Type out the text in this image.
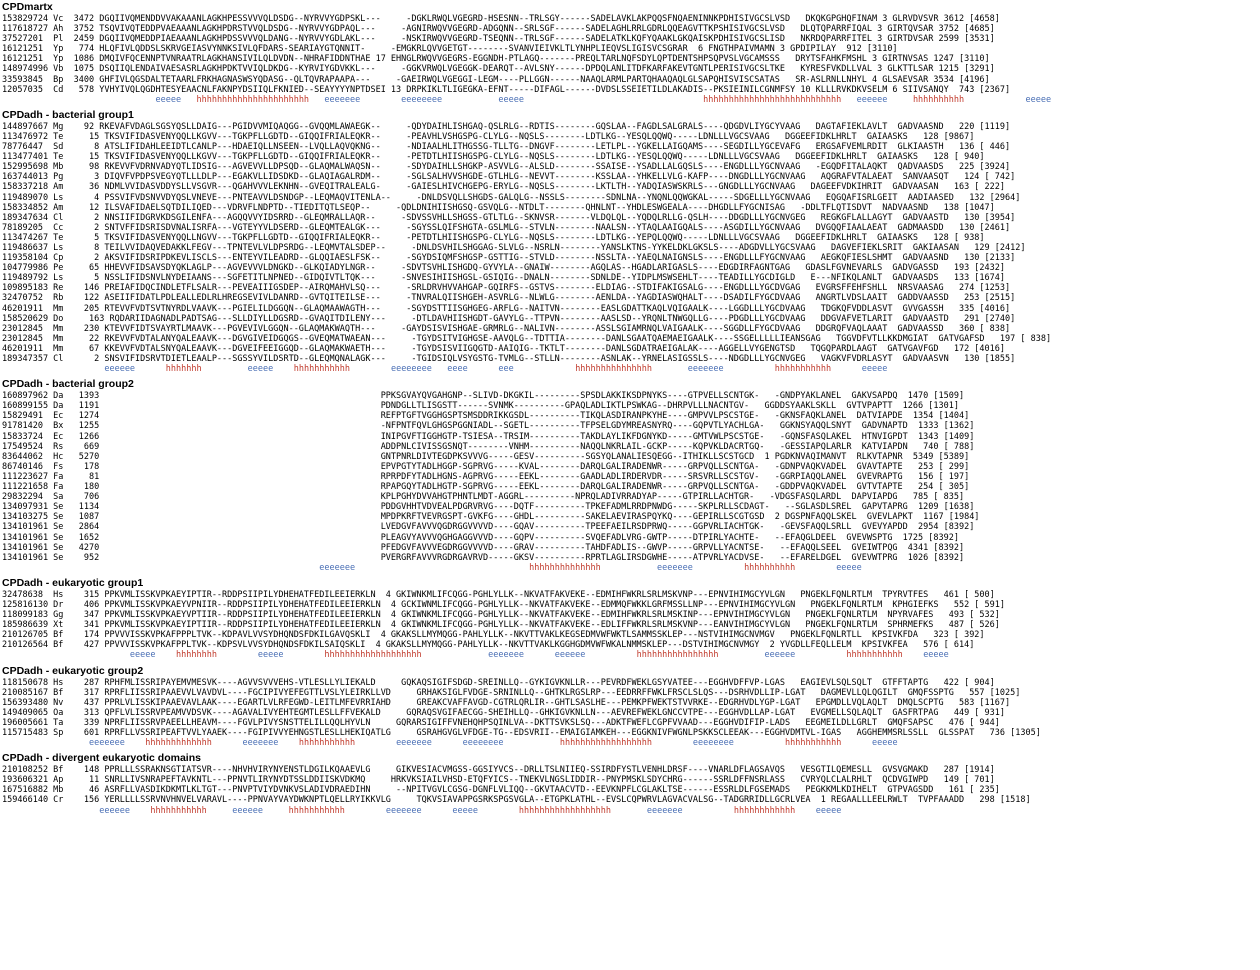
CPDmartx
153829724 Vc  3472 DGQIIVQMENDDVVAKAAANLAGKHPESSVVVQLDSDG--NYRVVYGDPSKL---     -DGKLRWQLVGEGRD-HSESNN--TRLSGY------SADELAVKLAKPQQSFNQAENINNKPDHISIVGCSLVSD   DKQKGPGHQFINAM 3 GLRVDVSVR 3612 [4658]
117618727 Ah  3752 TSQVIVQTEDDPVAEAAANLAGKHPDRSTVVQLDSDG--NYRVVYGDPAQL---     -AGNIRWQVVGEGRD-ADGQNN--SRLSGF------SADELAGHLRRLGDRLQQEAGVTTKPSHISIVGCSLVSD   DLQTQPARRFIQAL 3 GIRTQVSAR 3752 [4685]
37527201  Pl  2459 DGQIIVQMEDDPIAEAAANLAGKHPDSSVVVQLDANG--NYRVVYGDLAKL---     -NSKIRWQVVGEGRD-TSEQNN--TRLSGF------SADELATKLKQFYQAAKLGKQAISKPDHISIVGCSLISD   NKRDQPARRFITEL 3 GIRTDVSAR 2599 [3531]
16121251  Yp   774 HLQFIVLQDDSLSKRVGEIASVYNNKSIVLQFDARS-SEARIAYGTQNNIT-     -EMGKRLQVVGETGT--------SVANVIEIVKLTLYNHPLIEQVSLIGISVCSGRAR  6 FNGTHPAIVMAMN 3 GPDIPILAY  912 [3110]
16121251  Yp  1086 DMQIVFQCENNPTVNRAATRLAGKHANSIVILQLDVDN--NHRAFIDDNTHAE 17 EHNGLRWQVVGEGRS-EGGNDH-PTLAGQ-------PREQLTARLNQFSDYLQPTDENTSHPSQPVSLVGCAMSSS   DRYTSFAHKFMSHL 3 GIRTNVSAS 1247 [3110]
148974996 Vb  1075 DSQIIQLENDAIVAESASRLAGKHPDKTVVIQLDKDG--KYRVIYGDVKKL---     -GGKVRWQLVGEGGK-DEARQT--AVLSNY------DPDQLANLITDFKARFAKEVTGNTLPERISIVGCSLTKE   KYRESFVKDLLVAL 3 GLKTTLSAR 1215 [3291]
33593845  Bp  3400 GHFIVLQGSDALTETAARLFRKHAGNASWSYQDASG--QLTQVRAPAAPA---     -GAEIRWQLVGEGGI-LEGM----PLLGGN------NAAQLARMLPARTQHAAQAQLGLSAPQHISVISCSATAS   SR-ASLRNLLNHYL 4 GLSAEVSAR 3534 [4196]
12057035  Cd   578 YVHYIVQLQGDHTESYEAACNLFAKNPYDSIIQLFKNIED--SEAYYYYNPTDSEI 13 DRPKIKLTLIGEGKA-EFNT-----DIFAGL------DVDSLSSEIETILDLAKADIS--PKSIEINILCGNMFSY 10 KLLLRVKDKVSELM 6 SIIVSANQY  743 [2367]
eeeee   hhhhhhhhhhhhhhhhhhhhhh   eeeeeee        eeeeeeee           eeeee                                   hhhhhhhhhhhhhhhhhhhhhhhhhhh   eeeeee     hhhhhhhhhh            eeeee
CPDadh - bacterial group1
144897667 Mg    92 RKEVAFVDAGLSGSYQSLLDAIG---PGIDVVMIQAQGG--GVQQMLAWAEGK--     -QDYDAIHLISHGAQ-QSLRLG--RDTIS--------GQSLAA--FAGDLSALGRALS----QDGDVLIYGCYVAAG   DAGTAFIEKLAVLT  GADVAASND   220 [1119]
113476972 Te     15 TKSVIFIDASVENYQQLLKGVV---TGKPFLLGDTD--GIQQIFRIALEQKR--     -PEAVHLVSHGSPG-CLYLG--NQSLS--------LDTLKG--YESQLQQWQ-----LDNLLLVGCSVAAG   DGGEEFIDKLHRLT  GAIAASKS   128 [9867]
78776447  Sd      8 ATSLIFIDAHLEEIDTLCANLP---HDAEIQLLNSEEN--LVQLLAQVQKNG--     -NDIAALHLITHGSSG-TLLTG--DNGVF--------LETLPL--YGKELLAIGQAMS----SEGDILLYGCEVAFG   ERGSAFVEMLRDIT  GLKIAASTH   136 [ 446]
113477401 Te     15 TKSVIFIDASVENYQQLLKGVV---TGKPFLLGDTD--GIQQIFRIALEQKR--     -PETDTLHIISHGSPG-CLYLG--NQSLS--------LDTLKG--YESQLQQWQ-----LDNLLLVGCSVAAG   DGGEEFIDKLHRLT  GAIAASKS   128 [ 940]
152995698 Mb     98 RKEVVFVDRNVADYQTLIDSIG---AGVEVVLLDPSQD--GLAQMALWAQSN--     -SDYDAIHLLSHGKP-ASVVLG--ALSLD--------SSAISE--YSADLLALGQSLS----ENGDLLLYGCNVAAG   -EGQDFITALAQKT  QADVAASDS   225 [3924]
163744013 Pg      3 DIQVFVPDPSVEGYQTLLLDLP---EGAKVLLIDSDKD--GLAQIAGALRDM--     -SGLSALHVVSHGDE-GTLHLG--NEVVT--------KSSLAA--YHKELLVLG-KAFP----DNGDLLLYGCNVAAG   AQGRAFVTALAEAT  SANVAASQT   124 [ 742]
158337218 Am     36 NDMLVVIDASVDDYSLLVSGVR---QGAHVVVLEKNHN--GVEQITRALEALG-     -GAIESLHIVCHGEPG-ERYLG--NQSLS--------LKTLTH--YADQIASWSKRLS---GNGDLLLYGCNVAAG   DAGEEFVDKIHRIT  GADVAASAN   163 [ 222]
119489070 Ls      4 PSSVIFVDSNVVDYQSLVNEVE---PNTEAVVLDSNDGP--LEQMAQVITENLA--     -DNLDSVQLLSHGDS-GALQLG--NSSLS--------SDNLNA--YNQNLQQWGKAL-----SDGELLLYGCNVAAG   EQGQAFISRLGEIT  AADIAASED   132 [2964]
158334852 Am     12 ILSVAFIDAELSQTDILIQED---VDRVFLNDPTD--TIEDITQTLSEQP--     -QDLDNIHIISHGSQ-GSVQLG--NTDLT--------QHNLNT--YHDLESWGEALA----DHGDLLFYGCNISAG   -DDLTFLQTISDVT  NADVAASND   138 [1047]
189347634 Cl      2 NNSIIFIDGRVKDSGILENFA---AGQQVVYIDSRRD--GLEQMRALLAQR--     -SDVSSVHLLSHGSS-GTLTLG--SKNVSR-------VLDQLQL--YQDQLRLLG-QSLH----DDGDLLLYGCNVGEG   REGKGFLALLAGYT  GADVAASTD   130 [3954]
78189205  Cc      2 SNTVFFIDSRISDVNALISRFA---VGTEYYVLDSERD--GLEQMTEALGK---     -SGYSSLQIFSHGTA-GSLMLG--STVLN--------NAALSN--YTAQLAAIGQALS----ASGDILLYGCNVAAG   DVGQQFIAALAEAT  GADMAASDD   130 [2461]
113474267 Te      5 TKSVIFIDASVENYQQLLNGVV---TGKPFLLGDTD--GIQQIFRIALEQKR--     -PETDTLHIISHGSPG-CLYLG--NQSLS--------LDTLKG--YEPQLQQWQ-----LDNLLLVGCSVAAG   DGGEEFIDKLHRLT  GAIAASKS   128 [ 938]
119486637 Ls      8 TEILVVIDAQVEDAKKLFEGV---TPNTEVLVLDPSRDG--LEQMVTALSDEP--     -DNLDSVHILSHGGAG-SLVLG--NSRLN--------YANSLKTNS-YYKELDKLGKSLS----ADGDVLLYGCSVAAG   DAGVEFIEKLSRIT  GAKIAASAN   129 [2412]
119358104 Cp      2 AKSVIFIDSRIPDKEVLISCLS---ENTEYVILEADRD--GLQQIAESLFSK--     -SGYDSIQMFSHGSP-GSTTIG--STVLD--------NSSLTA--YAEQLNAIGNSLS----ENGDLLLFYGCNVAAG   AEGKQFIESLSHMT  GADVAASND   130 [2133]
104779986 Pe     65 HHEVVFIDSAVSDYQKLAGLP---AGVEVVVLDNGKD--GLKQIADYLNGR--     -SDVTSVHLISHGDQ-GYVYLA--GNAIW--------AGQLAS--HGADLARIGASLS----EDGDIRFAGNTGAG   GDASLFGVNEVARLS  GADVGASSD   193 [2432]
119489792 Ls      5 NSSLIFIDSNVLNYDEIAANS---SGFETITLNPNED--GIDQIVTLTQK---     -SNVESIHIISHGSL-GSIQIG--DNALN--------SDNLDE--YIDPLMSWSEHLT----TEADILLYGCDIGLD   E---NFIKQLANLT  GADVAASDS   133 [1674]
109895183 Re    146 PREIAFIDQCINDLETFLSALR---PEVEAIIIGSDEP--AIRQMAHVLSQ---     -SRLDRVHVVAHGAP-GQIRFS--GSTVS--------ELDIAG--STDIFAKIGSALG----ENGDLLLYGCDVGAG   EVGRSFFEHFSHLL  NRSVAASAG   274 [1253]
32470752  Rb    122 ASEIIFIDATLPDLEALLEDLRLHREGSEVIVLDANRD--GVTQITEILSE---     -TNVRALQIISHGEH-ASVRLG--NLWLG--------AENLDA--YAGDIASWQHALT----DSADILFYGCDVAAG   ANGRTLVDSLAAIT  GADDVAASSD   253 [2515]
46201911  Mm    205 RTEVVFVDTSVTNYRDLVAAVK---PGIELILDGGQN--GLAQMAAWAGTH---     -SGYDSTTIISGHGEG-ARFLG--NAITVN--------EASLGDATTKAQLVQIGAALK----LGGDLLLYGCDVAAG   TDGKQFVDDLASVT  GVVGASSH   335 [4016]
158520629 Do     163 RQDARIIDAGNADLPADTSAG---SLLDIYLLDGSRD--GVAQITDILENY---     -DTLDAVHIISHGDT-GAVYLG--TTPVN--------AASLSD--YRQNLTNWGQLLG----PDGDLLLYGCDVAAG   DDGVAFVETLARIT  GADVAASTD   291 [2740]
23012845  Mm    230 KTEVVFIDTSVAYRTLMAAVK---PGVEVIVLGGQN--GLAQMAKWAQTH---     -GAYDSISVISHGAE-GRMRLG--NALIVN--------ASSLSGIAMRNQLVAIGAALK----SGGDLLFYGCDVAAG   DDGRQFVAQLAAAT  GADVAASSD   360 [ 838]
23012845  Mm     22 RKEVVFVDTALANYQALEAAVK---DGVGIVEIDGQGS--GVEQMATWAEAN---     -TGYDSITVIGHGSE-AAVQLG--TDTTIA--------DANLSGAATQAEMAEIGAALK----SSGELLLLLIEANSGAG   TGGVDFVTLLKKDMGIAT  GATVGAFSD   197 [ 838]
46201911  Mm     67 KKEVVFVDTALSNYQALEAAVK---DGVEIFEEIGGQD--GLAQMAKWAETH---     -TGYDSISVIIGQGTD-AAIQIG--TKTLT--------DANLSGDATRAEIGALAK----AGGELLVYGENGTSD   TQGQPARDLAAGT  GATVGAVFGD   172 [4016]
189347357 Cl      2 SNSVIFIDSRVTDIETLEAALP---SGSSYVILDSRTD--GLEQMQNALAGK---     -TGIDSIQLVSYGSTG-TVMLG--STLLN--------ASNLAK--YRNELASIGSSLS----NDGDLLLYGCNVGEG   VAGKVFVDRLASYT  GADVAASVN   130 [1855]
eeeeee      hhhhhhh         eeeee    hhhhhhhhhhh        eeeeeeee   eeee      eee            hhhhhhhhhhhhhhh       eeeeeee          hhhhhhhhhhh      eeeee
CPDadh - bacterial group2
160897962 Da   1393                                                       PPKSGVAYQVGAHGNP--SLIVD-DKGKIL---------SPSDLAKKIKSDPNYKS----GTPVELLSCNTGK-   -GNDPYAKLANEL  GAKVSAPDQ  1470 [1509]
160899155 Da   1191                                                       PDNDGLLTLISGSTT------SVNMK----------GPAQLADLIKTLPSWKAG--DHRPVLLLNACNTGV-   GGDDSYAAKLSKLL  GVTVPAPTT  1266 [1301]
15829491  Ec   1274                                                       REFPTGFTVGGHGSPTSMSDDRIKKGSDL----------TIKQLASDIRANPKYHE----GMPVVLPSCSTGE-   -GKNSFAQKLANEL  DATVIAPDE  1354 [1404]
91781420  Bx   1255                                                       -NFPNTFQVLGHGSPGGNIADL--SGETL----------TFPSELGDYMREASNYRQ----GQPVTLYACHLGA-   GGKNSYAQQLSNYT  GADVNAPTD  1333 [1362]
15833724  Ec   1266                                                       INIPGVFTIGGHGTP-TSIESA--TRSIM----------TAKDLAYLIKFDGNYKD-----GMTVWLPSCSTGE-   -GQNSFASQLAKEL  HTNVIGPDT  1343 [1409]
17549524  Rs    669                                                       ADDPNLCIVISSGSNQT--------VNHM----------NAQQLNKRLAIL-GCKP-----KQPVKLDACRTGQ-   -GESSIAPQLARLR  KATVIAPDN   740 [ 788]
83644062  Hc   5270                                                       GNTPNRLDIVTEGDPKSVVVG-----GESV----------SGSYQLANALIESQEGG--ITHIKLLSCSTGCD  1 PGDKNVAQIMANVT  RLKVTAPNR  5349 [5389]
86740146  Fs    178                                                       EPVPGTYTADLHGGP-SGPRVG-----KVAL--------DARQLGALIRADENWR-----GRPVQLLSCNTGA-   -GDNPVAQKVADEL  GVAVTAPTE   253 [ 299]
111223627 Fa     81                                                       RPRPDFYTADLHGNS-AGPRVG-----EEKL--------GAADLADLIRDERVDR-----SRSVRLLSCSTGV-   -GGRPIAQQLANEL  GVEVRAPTG   156 [ 197]
111221658 Fa    180                                                       RPAPGQYTADLHGTP-SGPRVG-----EEKL--------DARQLGALIRADENWR-----GRPVQLLSCNTGA-   -GDDPVAQKVADEL  GVTVTAPTE   254 [ 305]
29832294  Sa    706                                                       KPLPGHYDVVAHGTPHNTLMDT-AGGRL----------NPRQLADIVRRADYAP-----GTPIRLLACHTGR-   -VDGSFASQLARDL  DAPVIAPDG   785 [ 835]
134097931 Se   1134                                                       PDDGVHHTVDVEALPDGRVRVG----DQTF----------TPKEFADMLRRDPNWDG-----SKPLRLLSCDAGT-   --SGLASDLSREL  GAPVTAPRG  1209 [1638]
134103275 Se   1087                                                       MPDPKRFTVEVRGSPT-GVKFG----GHDL----------SAKELAEVIRASPQYKQ----GEPIRLLSCGTGSD  2 DGSPNFAQQLSKEL  GVEVLAPKT  1167 [1984]
134101961 Se   2864                                                       LVEDGVFAVVVQGDRGGVVVVD----GQAV----------TPEEFAEILRSDPRWQ-----GGPVRLIACHTGK-   -GEVSFAQQLSRLL  GVEVYAPDD  2954 [8392]
134101961 Se   1652                                                       PLEAGVYAVVVQGHGAGGVVVD----GQPV----------SVQEFADLVRG-GWTP-----DTPIRLYACHTE-   --EFAQGLDEEL  GVEVWSPTG  1725 [8392]
134101961 Se   4270                                                       PFEDGVFAVVVEGDRGGVVVVD----GRAV----------TAHDFADLIS--GWVP-----GRPVLLYACNTSE-   --EFAQQLSEEL  GVEIWTPQG  4341 [8392]
134101961 Se    952                                                       PVERGRFAVVVRGDRGAVRVD-----GKSV----------RPRTLAGLIRSDGWHE-----ATPVRLYACDVSE-   --EFARELDGEL  GVEVWTPRG  1026 [8392]
eeeeeee                                  hhhhhhhhhhhhhh           eeeeeee          hhhhhhhhhh        eeeee
CPDadh - eukaryotic group1
32478638  Hs    315 PPKVMLISSKVPKAEYIPTIR--RDDPSIIPILYDHEHATFEDILEEIERKLN  4 GKIWNKMLIFCQGG-PGHLYLLK--NKVATFAKVEKE--EDMIHFWKRLSRLMSKVNP---EPNVIHIMGCYVLGN   PNGEKLFQNLRTLM  TPYRVTFES   461 [ 500]
125816130 Dr    406 PPKVMLISSKVPKAEYVPNIIR--RDDPSIIPILYDHEHATFEDILEEIERKLN  4 GCKIWNMLIFCQGG-PGHLYLLK--NKVATFAKVEKE--EDMMQFWKKLGRFMSSLLNP---EPNVIHIMGCYVLGN   PNGEKLFQNLRTLM  KPHGIEFKS   552 [ 591]
118099183 Gg    347 PPKVMLISSKVPKAEYVPTIIR--RDDPSIIPILYDHEHATFEDILEEIERKLN  4 GKIWNKMLIFCQGG-PGHLYLLK--NKVATFAKVEKE--EDMIHFWKRLSRLMSKINP---EPNVIHIMGCYVLGN   PNGEKLFQNLRTLM  NPYRVAFES   493 [ 532]
185986639 Xt    341 PPKVMLISSKVPKAEYIPTIIR--RDDPSIIPILYDHEHATFEDILEEIERKLN  4 GKIWNKMLIFCQGG-PGHLYLLK--NKVATFAKVEKE--EDLIFFWKRLSRLMSKVNP---EANVIHIMGCYVLGN   PNGEKLFQNLRTLM  SPHRMEFKS   487 [ 526]
210126705 Bf    174 PPVVVISSKVPKAFPPPLTVK--KDPAVLVVSYDHQNDSFDKILGAVQSKLI  4 GKAKSLLMYMQGG-PAHLYLLK--NKVTTVAKLKEGSEDMVWFWKTLSAMMSSKLEP---NSTVIHIMGCNVMGV   PNGEKLFQNLRTLL  KPSIVKFDA   323 [ 392]
210126564 Bf    427 PPVVVISSKVPKAFPPLTVK--KDPSVLVVSYDHQNDSFDKILSAIQSKLI  4 GKAKSLLMYMQGG-PAHLYLLK--NKVTTVAKLKGGHGDMVWFWKALNMMSKLEP---DSTVIHIMGCNVMGY  2 YVGDLLFEQLLELM  KPSIVKFEA   576 [ 614]
eeeee    hhhhhhhh        eeeee        hhhhhhhhhhhhhhhhhhh             eeeeeee      eeeeee          hhhhhhhhhhhhhhhh         eeeeee          hhhhhhhhhhh    eeeee
CPDadh - eukaryotic group2
118150678 Hs    287 RPHFMLISSRIPAYEMVMESVK----AGVVSVVVEHS-VTLESLLYLIEKALD     GQKAQSIGIFSDGD-SREINLLQ--GYKIGVKNLLR---PEVRDFWEKLGSYVATEE---EGGHVDFFVP-LGAS   EAGIEVLSQLSQLT  GTFFTAPTG   422 [ 904]
210085167 Bf    317 RPRFLIISSRIPAAEVVLVAVDVL----FGCIPIVYEFEGTTLVSLYLEIRKLLVD     GRHAKSIGLFVDGE-SRNINLLQ--GHTKLRGSLRP---EEDRRFFWKLFRSCLSLQS---DSRHVDLLIP-LGAT   DAGMEVLLQLQGILT  GMQFSSPTG   557 [1025]
156393480 Nv    437 PPRLVLISSKIPAAEVAVLAAK----EGARTLVLRFEGWD-LEITLMFEVRRIAHD     GREAKCVAFFAVGD-CGTRLQRLIR--GHTLSASLHE---PEMKPFWEKTSTVVRKE--EDGRHVDLYGP-LGAT   EPGMDLLVQLAQLT  DMQLSCPTG   583 [1167]
149409065 Oa    313 QPFLVLISSRVPEAMVVDSVK----AGAVALIVYEHTEGMTLESLLFFVEKALD     GQRAQSVGIFAECGG-SHEIHLLQ--GHKIGVKNLLN---AEVREFWEKLGNCCVTPE---EGGHVDLLAP-LGAT   EVGMELLSQLAQLT  GASFRTPAG   449 [ 931]
196005661 Ta    339 NPRFLIISSRVPAEELLHEAVM----FGVLPIVYSNSTTELILLQQLHYVLN     GQRARSIGIFFVNEHQHPSQINLVA--DKTTSVKSLSQ---ADKTFWEFLCGPFVVAAD---EGGHVDIFIP-LADS   EEGMEILDLLGRLT  GMQFSAPSC   476 [ 944]
115715483 Sp    601 RPRFLLVSSRIPEAFTVVLYAAEK----FGIPIVVYEHNGSTLESLLHEKIQATLG     GSRAHGVGLVFDGE-TG--EDSVRII--EMAIGIAMKEH---EGGKNIVFWGNLPSKKSCLEEAK---EGGHVDMTVL-IGAS   AGGHEMMSRLSSLL  GLSSPAT   736 [1305]
eeeeeee    hhhhhhhhhhhhh      eeeeeee    hhhhhhhhhhh        eeeeeee      eeeeeeee           hhhhhhhhhhhhhhhhhh        eeeeeeee          hhhhhhhhhhh      eeeee
CPDadh - divergent eukaryotic domains
210108252 Bf    148 PPRLLLSSRAKNSGTIATSVR----NHVHVIRYNYENSTLDGILKQAAEVLG     GIKVESIACVMGSS-GGSIYVCS--DRLLTSLNIIEQ-SSIRDFYSTLVENHLDRSF----VNARLDFLAGSAVQS   VESGTILQEMESLL  GVSVGMAKD   287 [1914]
193606321 Ap     11 SNRLLIVSNRAPEFTAVKNTL---PPNVTLIRYNYDTSSLDDIISKVDKMQ     HRKVKSIAILVHSD-ETQFYICS--TNEKVLNGSLIDDIR--PNYPMSKLSDYCHRG------SSRLDFFNSRLASS   CVRYQLCLALRHLT  QCDVGIWPD   149 [ 701]
167516882 Mb     46 ASRFLLVASDIKDKMTLKLTGT---PNVPTVIYDVNKVSLADIVDRAEDIHN     --NPITVGVLCGSG-DGNFLVLIQQ--GKVTAACVTD--EEVKNPFLCGLAKLTSE------ESSRLDLFGSEMADS   PEGKKMLKDIHELT  GTPVAGSDD   161 [ 235]
159466140 Cr    156 YERLLLLSSRVNVHNVELVARAVL----PPNVAYVAYDWKNPTLQELLRYIKKVLG     TQKVSIAVAPPGSRKSPGSVGLA--ETGPKLATHL--EVSLCQPWRVLAGVACVALSG--TADGRRIDLLGCRLVEA  1 REGAALLLEELRWLT  TVPFAAADD   298 [1518]
eeeeee    hhhhhhhhhhh     eeeeee     hhhhhhhhhhh        eeeeeee      eeeee        hhhhhhhhhhhhhhhhhh       eeeeeee          hhhhhhhhhhhh    eeeee
